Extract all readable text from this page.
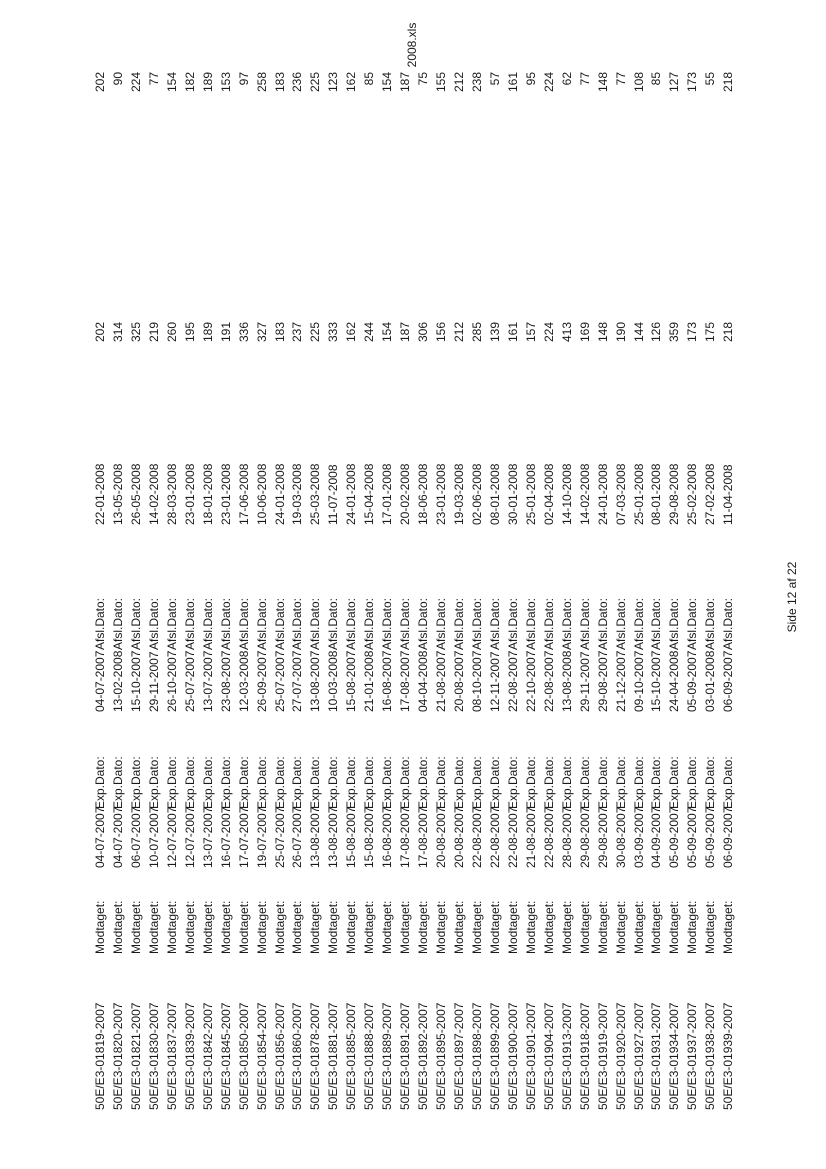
2008.xls
Side 12 af 22
50E/E3-01819-2007
Modtaget:
04-07-2007
Exp.Dato:
04-07-2007
Afsl.Dato:
22-01-2008
202
202
50E/E3-01820-2007
Modtaget:
04-07-2007
Exp.Dato:
13-02-2008
Afsl.Dato:
13-05-2008
314
90
50E/E3-01821-2007
Modtaget:
06-07-2007
Exp.Dato:
15-10-2007
Afsl.Dato:
26-05-2008
325
224
50E/E3-01830-2007
Modtaget:
10-07-2007
Exp.Dato:
29-11-2007
Afsl.Dato:
14-02-2008
219
77
50E/E3-01837-2007
Modtaget:
12-07-2007
Exp.Dato:
26-10-2007
Afsl.Dato:
28-03-2008
260
154
50E/E3-01839-2007
Modtaget:
12-07-2007
Exp.Dato:
25-07-2007
Afsl.Dato:
23-01-2008
195
182
50E/E3-01842-2007
Modtaget:
13-07-2007
Exp.Dato:
13-07-2007
Afsl.Dato:
18-01-2008
189
189
50E/E3-01845-2007
Modtaget:
16-07-2007
Exp.Dato:
23-08-2007
Afsl.Dato:
23-01-2008
191
153
50E/E3-01850-2007
Modtaget:
17-07-2007
Exp.Dato:
12-03-2008
Afsl.Dato:
17-06-2008
336
97
50E/E3-01854-2007
Modtaget:
19-07-2007
Exp.Dato:
26-09-2007
Afsl.Dato:
10-06-2008
327
258
50E/E3-01856-2007
Modtaget:
25-07-2007
Exp.Dato:
25-07-2007
Afsl.Dato:
24-01-2008
183
183
50E/E3-01860-2007
Modtaget:
26-07-2007
Exp.Dato:
27-07-2007
Afsl.Dato:
19-03-2008
237
236
50E/E3-01878-2007
Modtaget:
13-08-2007
Exp.Dato:
13-08-2007
Afsl.Dato:
25-03-2008
225
225
50E/E3-01881-2007
Modtaget:
13-08-2007
Exp.Dato:
10-03-2008
Afsl.Dato:
11-07-2008
333
123
50E/E3-01885-2007
Modtaget:
15-08-2007
Exp.Dato:
15-08-2007
Afsl.Dato:
24-01-2008
162
162
50E/E3-01888-2007
Modtaget:
15-08-2007
Exp.Dato:
21-01-2008
Afsl.Dato:
15-04-2008
244
85
50E/E3-01889-2007
Modtaget:
16-08-2007
Exp.Dato:
16-08-2007
Afsl.Dato:
17-01-2008
154
154
50E/E3-01891-2007
Modtaget:
17-08-2007
Exp.Dato:
17-08-2007
Afsl.Dato:
20-02-2008
187
187
50E/E3-01892-2007
Modtaget:
17-08-2007
Exp.Dato:
04-04-2008
Afsl.Dato:
18-06-2008
306
75
50E/E3-01895-2007
Modtaget:
20-08-2007
Exp.Dato:
21-08-2007
Afsl.Dato:
23-01-2008
156
155
50E/E3-01897-2007
Modtaget:
20-08-2007
Exp.Dato:
20-08-2007
Afsl.Dato:
19-03-2008
212
212
50E/E3-01898-2007
Modtaget:
22-08-2007
Exp.Dato:
08-10-2007
Afsl.Dato:
02-06-2008
285
238
50E/E3-01899-2007
Modtaget:
22-08-2007
Exp.Dato:
12-11-2007
Afsl.Dato:
08-01-2008
139
57
50E/E3-01900-2007
Modtaget:
22-08-2007
Exp.Dato:
22-08-2007
Afsl.Dato:
30-01-2008
161
161
50E/E3-01901-2007
Modtaget:
21-08-2007
Exp.Dato:
22-10-2007
Afsl.Dato:
25-01-2008
157
95
50E/E3-01904-2007
Modtaget:
22-08-2007
Exp.Dato:
22-08-2007
Afsl.Dato:
02-04-2008
224
224
50E/E3-01913-2007
Modtaget:
28-08-2007
Exp.Dato:
13-08-2008
Afsl.Dato:
14-10-2008
413
62
50E/E3-01918-2007
Modtaget:
29-08-2007
Exp.Dato:
29-11-2007
Afsl.Dato:
14-02-2008
169
77
50E/E3-01919-2007
Modtaget:
29-08-2007
Exp.Dato:
29-08-2007
Afsl.Dato:
24-01-2008
148
148
50E/E3-01920-2007
Modtaget:
30-08-2007
Exp.Dato:
21-12-2007
Afsl.Dato:
07-03-2008
190
77
50E/E3-01927-2007
Modtaget:
03-09-2007
Exp.Dato:
09-10-2007
Afsl.Dato:
25-01-2008
144
108
50E/E3-01931-2007
Modtaget:
04-09-2007
Exp.Dato:
15-10-2007
Afsl.Dato:
08-01-2008
126
85
50E/E3-01934-2007
Modtaget:
05-09-2007
Exp.Dato:
24-04-2008
Afsl.Dato:
29-08-2008
359
127
50E/E3-01937-2007
Modtaget:
05-09-2007
Exp.Dato:
05-09-2007
Afsl.Dato:
25-02-2008
173
173
50E/E3-01938-2007
Modtaget:
05-09-2007
Exp.Dato:
03-01-2008
Afsl.Dato:
27-02-2008
175
55
50E/E3-01939-2007
Modtaget:
06-09-2007
Exp.Dato:
06-09-2007
Afsl.Dato:
11-04-2008
218
218
